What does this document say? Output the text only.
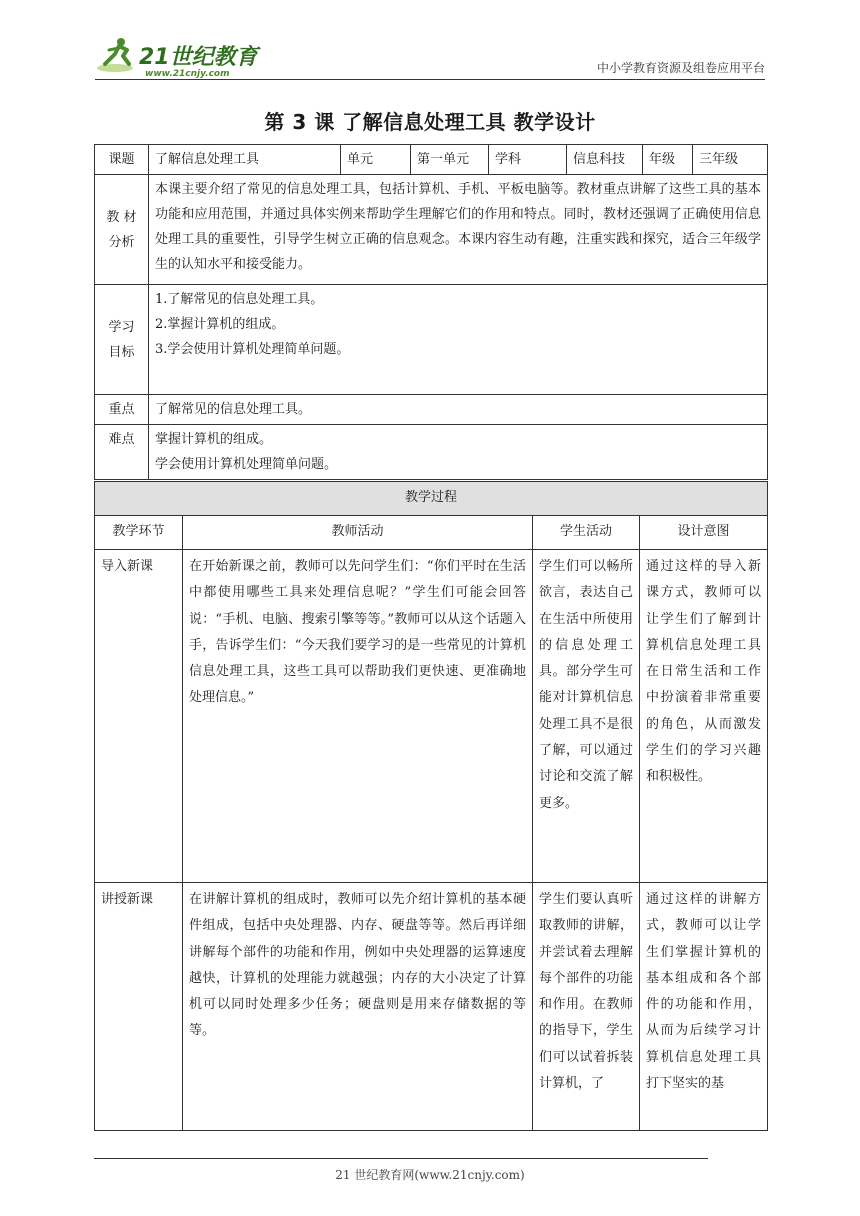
21世纪教育
www.21cnjy.com	中小学教育资源及组卷应用平台
第 3 课 了解信息处理工具 教学设计
课题	了解信息处理工具	单元	第一单元	学科	信息科技	年级	三年级

教 材
分析	本课主要介绍了常见的信息处理工具，包括计算机、手机、平板电脑等。教材重点讲解了这些工具的基本功能和应用范围，并通过具体实例来帮助学生理解它们的作用和特点。同时，教材还强调了正确使用信息处理工具的重要性，引导学生树立正确的信息观念。本课内容生动有趣，注重实践和探究，适合三年级学生的认知水平和接受能力。						

学习
目标	1.了解常见的信息处理工具。
2.掌握计算机的组成。
3.学会使用计算机处理简单问题。						

重点	了解常见的信息处理工具。						
难点	掌握计算机的组成。
学会使用计算机处理简单问题。						
教学过程			
教学环节	教师活动	学生活动	设计意图
导入新课	在开始新课之前，教师可以先问学生们：“你们平时在生活中都使用哪些工具来处理信息呢？”学生们可能会回答说：“手机、电脑、搜索引擎等等。”教师可以从这个话题入手，告诉学生们：“今天我们要学习的是一些常见的计算机信息处理工具，这些工具可以帮助我们更快速、更准确地处理信息。”	学生们可以畅所欲言，表达自己在生活中所使用的信息处理工具。部分学生可能对计算机信息处理工具不是很了解，可以通过讨论和交流了解更多。	通过这样的导入新课方式，教师可以让学生们了解到计算机信息处理工具在日常生活和工作中扮演着非常重要的角色，从而激发学生们的学习兴趣和积极性。
讲授新课	在讲解计算机的组成时，教师可以先介绍计算机的基本硬件组成，包括中央处理器、内存、硬盘等等。然后再详细讲解每个部件的功能和作用，例如中央处理器的运算速度越快，计算机的处理能力就越强；内存的大小决定了计算机可以同时处理多少任务；硬盘则是用来存储数据的等等。	学生们要认真听取教师的讲解，并尝试着去理解每个部件的功能和作用。在教师的指导下，学生们可以试着拆装计算机，了	通过这样的讲解方式，教师可以让学生们掌握计算机的基本组成和各个部件的功能和作用，从而为后续学习计算机信息处理工具打下坚实的基
21 世纪教育网(www.21cnjy.com)
